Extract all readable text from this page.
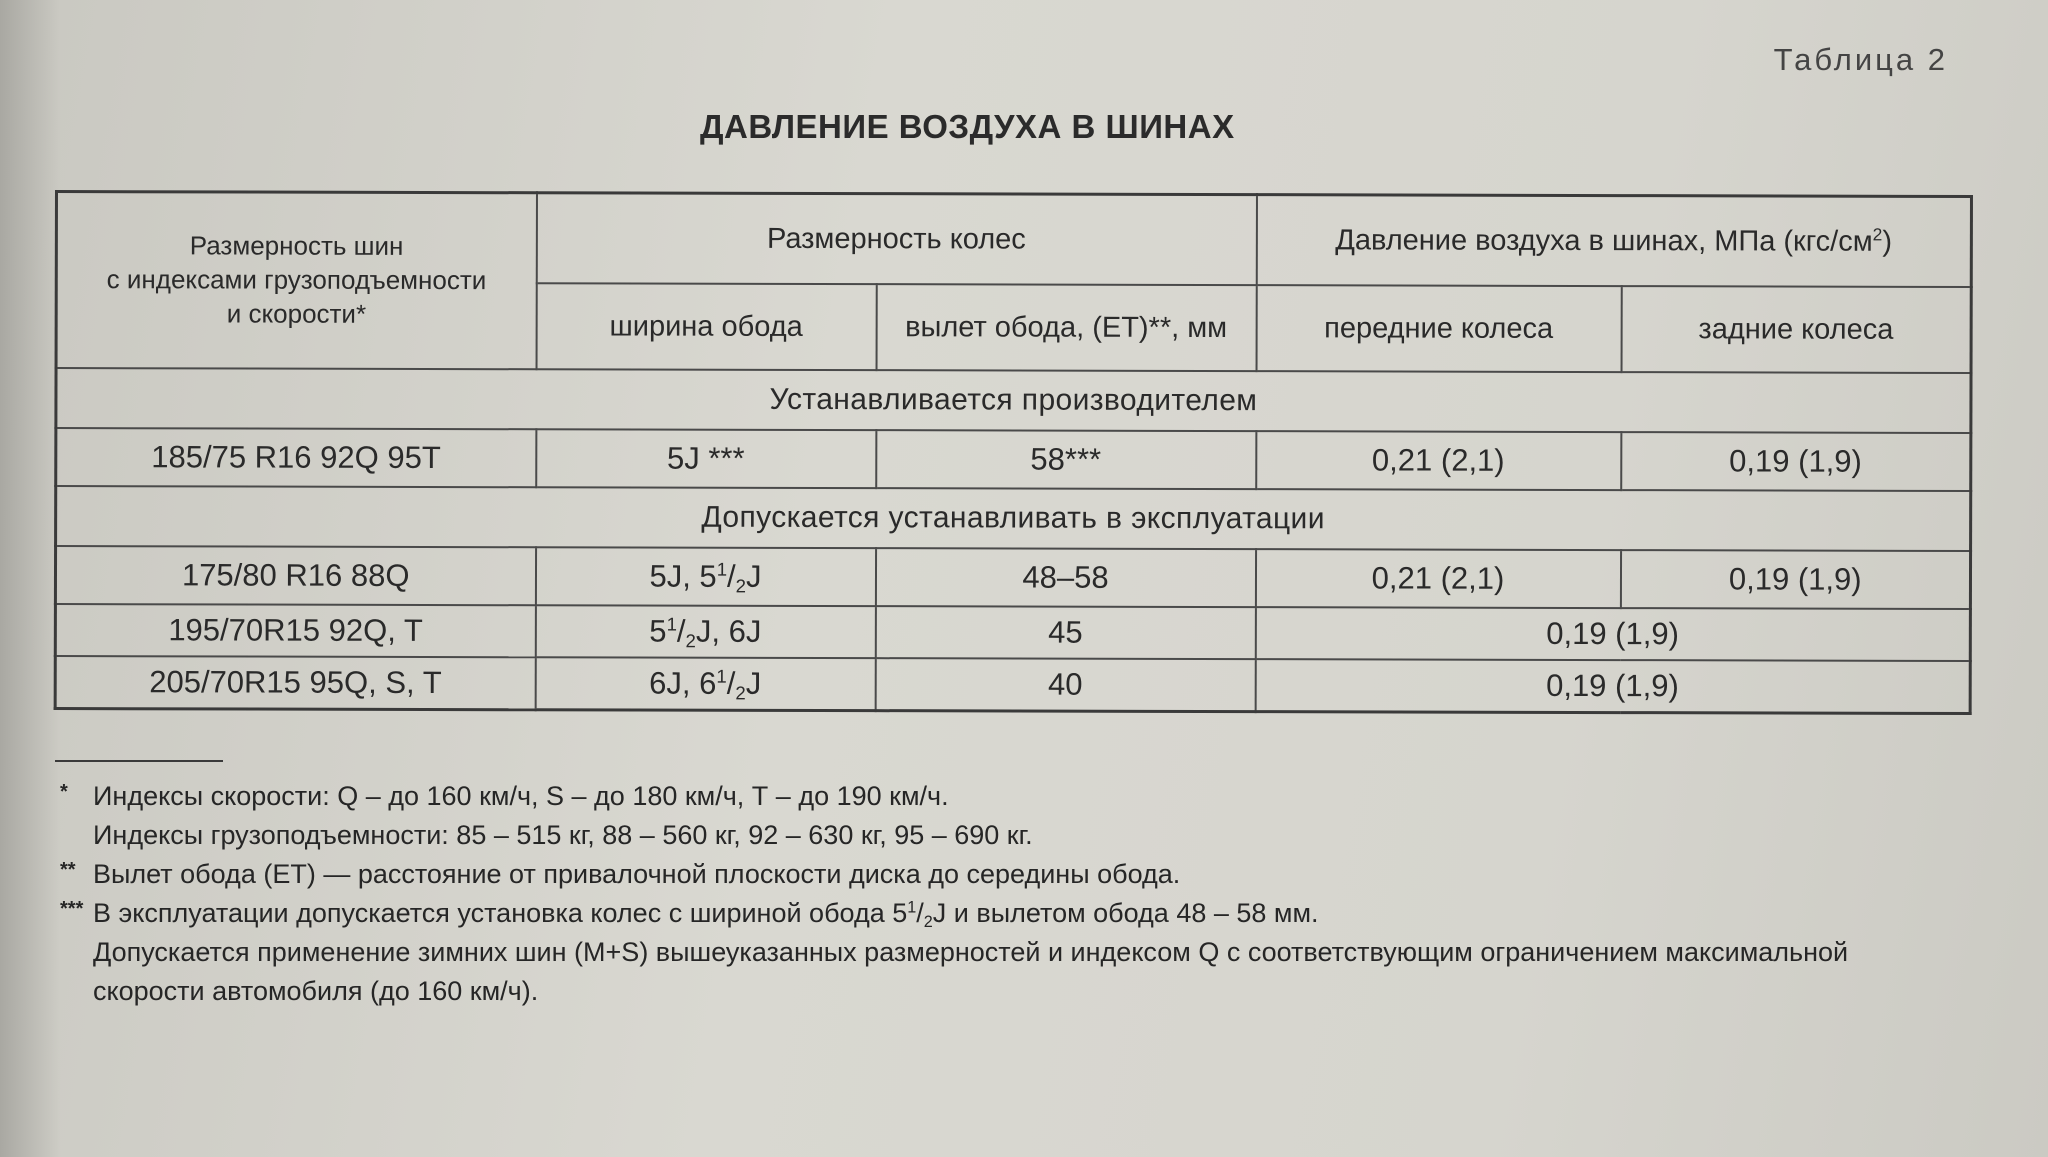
Таблица 2
ДАВЛЕНИЕ ВОЗДУХА В ШИНАХ
Размерность шин
с индексами грузоподъемности
и скорости*	Размерность колес		Давление воздуха в шинах, МПа $(кгс/см^2)$	
	ширина обода	вылет обода, (ЕТ)**, мм	передние колеса	задние колеса
Устанавливается производителем				
185/75 R16 92Q 95T	5J ***	58***	0,21 (2,1)	0,19 (1,9)
Допускается устанавливать в эксплуатации				
175/80 R16 88Q	5J, $5^1/_2J$	48–58	0,21 (2,1)	0,19 (1,9)
195/70R15 92Q, T	$5^1/_2J$, 6J	45	0,19 (1,9)	
205/70R15 95Q, S, T	6J, $6^1/_2J$	40	0,19 (1,9)	
* Индексы скорости: Q – до 160 км/ч, S – до 180 км/ч, Т – до 190 км/ч.
Индексы грузоподъемности: 85 – 515 кг, 88 – 560 кг, 92 – 630 кг, 95 – 690 кг.
** Вылет обода (ЕТ) — расстояние от привалочной плоскости диска до середины обода.
*** В эксплуатации допускается установка колес с шириной обода $5^1/_2J$ и вылетом обода 48 – 58 мм.
Допускается применение зимних шин (М+S) вышеуказанных размерностей и индексом Q с соответствующим ограничением максимальной
скорости автомобиля (до 160 км/ч).
